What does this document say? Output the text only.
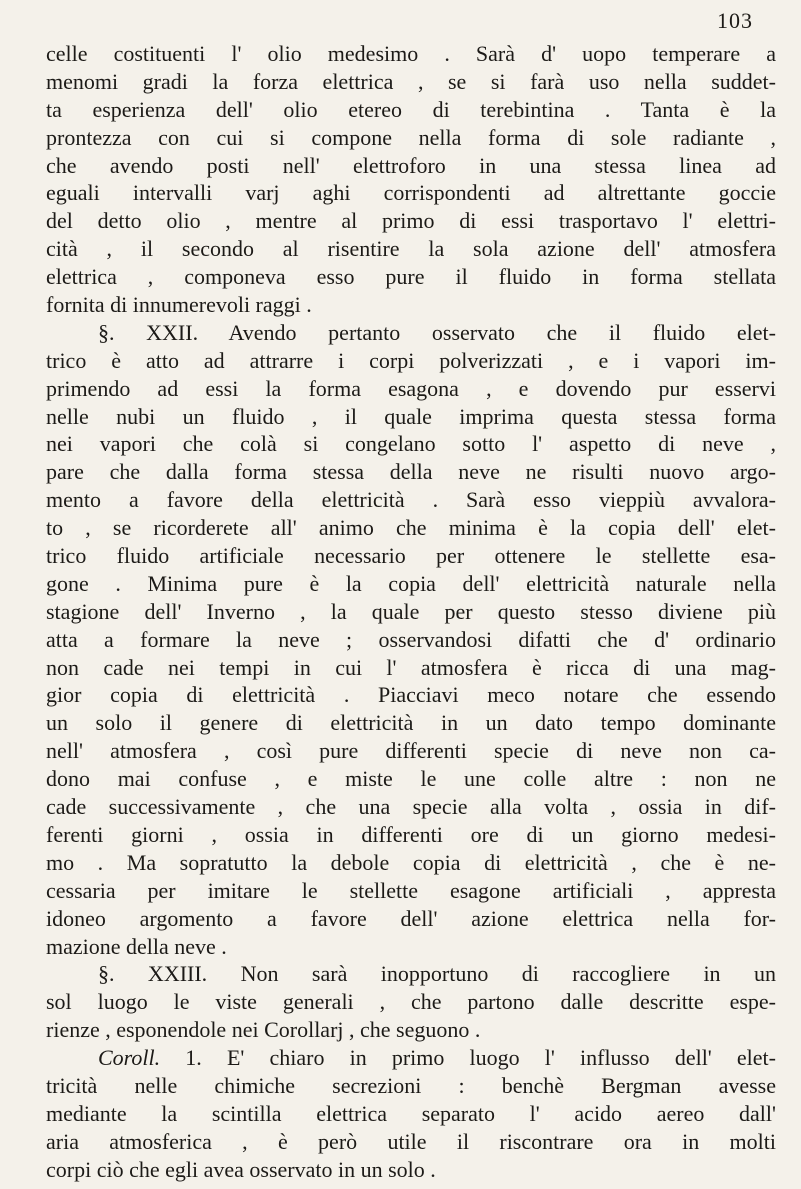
103
celle costituenti l' olio medesimo . Sarà d' uopo temperare a
menomi gradi la forza elettrica , se si farà uso nella suddet-
ta esperienza dell' olio etereo di terebintina . Tanta è la
prontezza con cui si compone nella forma di sole radiante ,
che avendo posti nell' elettroforo in una stessa linea ad
eguali intervalli varj aghi corrispondenti ad altrettante goccie
del detto olio , mentre al primo di essi trasportavo l' elettri-
cità , il secondo al risentire la sola azione dell' atmosfera
elettrica , componeva esso pure il fluido in forma stellata
fornita di innumerevoli raggi .
§. XXII. Avendo pertanto osservato che il fluido elet-
trico è atto ad attrarre i corpi polverizzati , e i vapori im-
primendo ad essi la forma esagona , e dovendo pur esservi
nelle nubi un fluido , il quale imprima questa stessa forma
nei vapori che colà si congelano sotto l' aspetto di neve ,
pare che dalla forma stessa della neve ne risulti nuovo argo-
mento a favore della elettricità . Sarà esso vieppiù avvalora-
to , se ricorderete all' animo che minima è la copia dell' elet-
trico fluido artificiale necessario per ottenere le stellette esa-
gone . Minima pure è la copia dell' elettricità naturale nella
stagione dell' Inverno , la quale per questo stesso diviene più
atta a formare la neve ; osservandosi difatti che d' ordinario
non cade nei tempi in cui l' atmosfera è ricca di una mag-
gior copia di elettricità . Piacciavi meco notare che essendo
un solo il genere di elettricità in un dato tempo dominante
nell' atmosfera , così pure differenti specie di neve non ca-
dono mai confuse , e miste le une colle altre : non ne
cade successivamente , che una specie alla volta , ossia in dif-
ferenti giorni , ossia in differenti ore di un giorno medesi-
mo . Ma sopratutto la debole copia di elettricità , che è ne-
cessaria per imitare le stellette esagone artificiali , appresta
idoneo argomento a favore dell' azione elettrica nella for-
mazione della neve .
§. XXIII. Non sarà inopportuno di raccogliere in un
sol luogo le viste generali , che partono dalle descritte espe-
rienze , esponendole nei Corollarj , che seguono .
Coroll. 1. E' chiaro in primo luogo l' influsso dell' elet-
tricità nelle chimiche secrezioni : benchè Bergman avesse
mediante la scintilla elettrica separato l' acido aereo dall'
aria atmosferica , è però utile il riscontrare ora in molti
corpi ciò che egli avea osservato in un solo .
